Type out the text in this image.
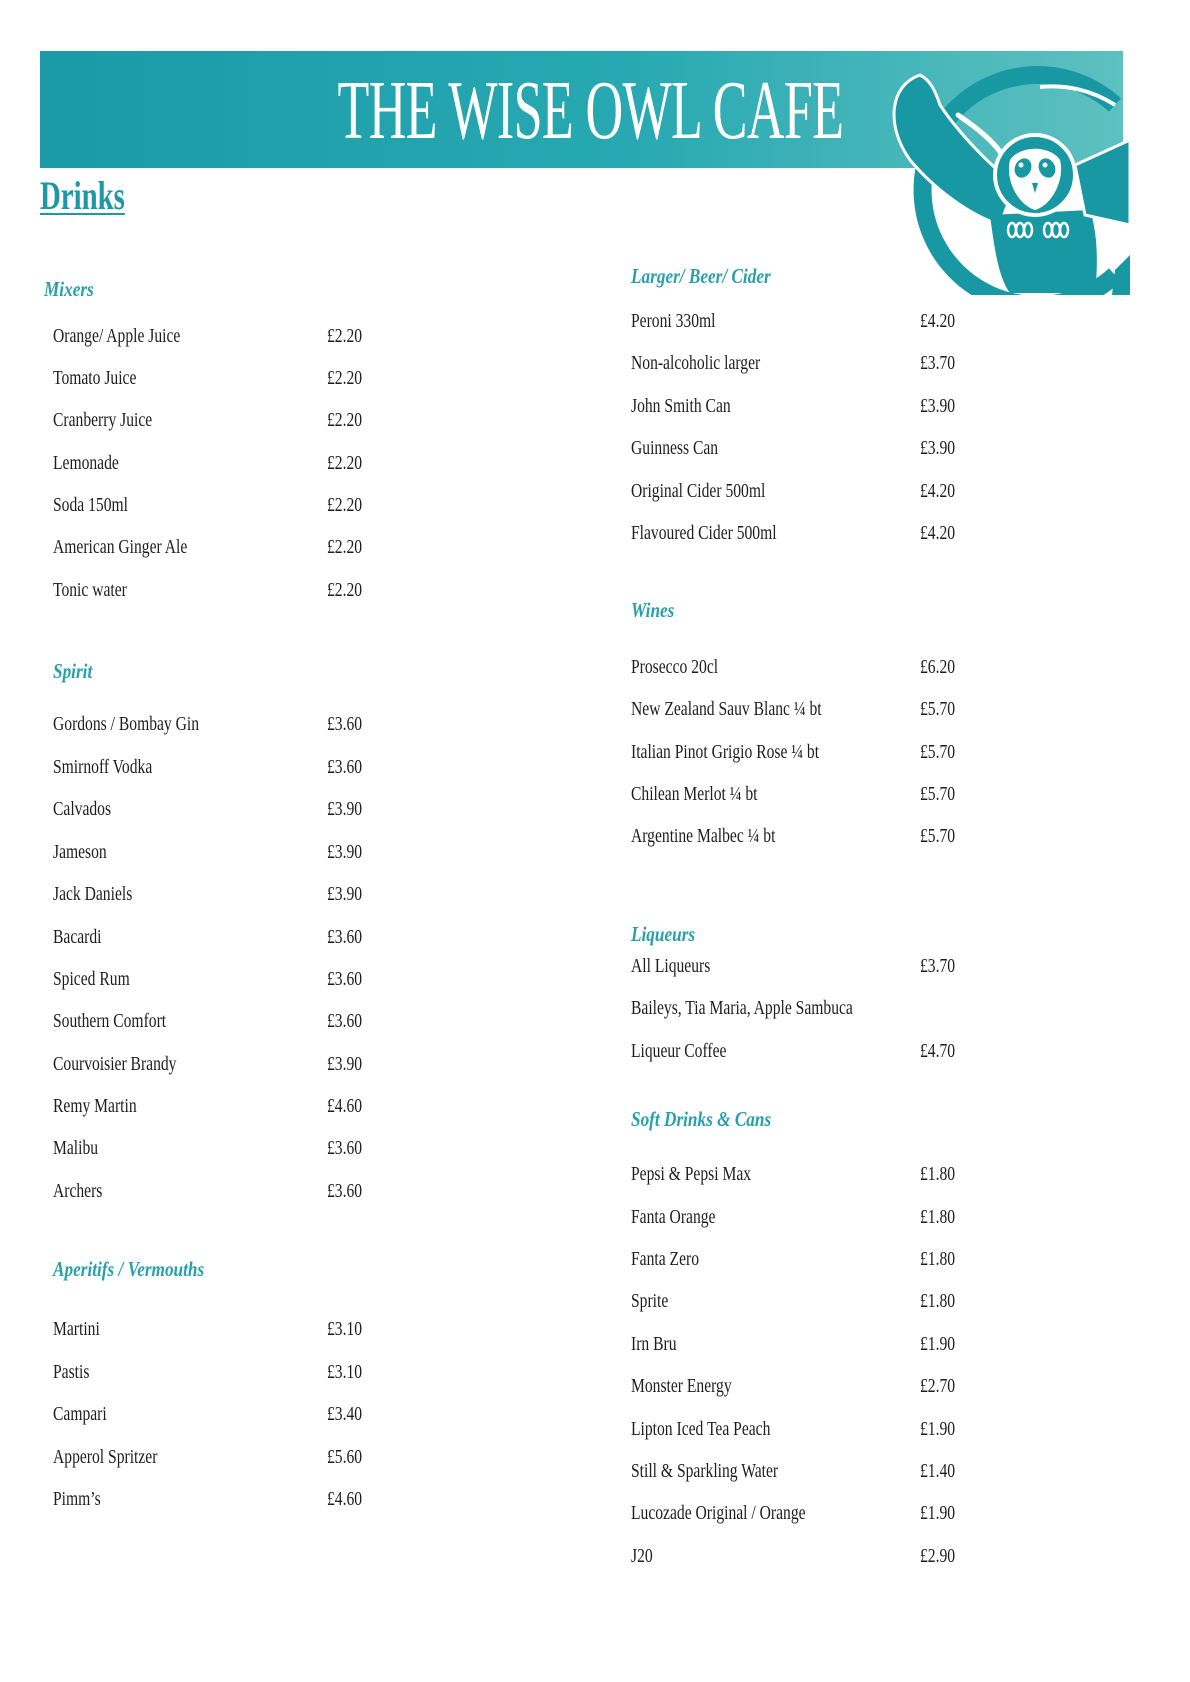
THE WISE OWL CAFE
Drinks
Mixers
Orange/ Apple Juice	£2.20
Tomato Juice	£2.20
Cranberry Juice	£2.20
Lemonade	£2.20
Soda 150ml	£2.20
American Ginger Ale	£2.20
Tonic water	£2.20
Spirit
Gordons / Bombay Gin	£3.60
Smirnoff Vodka	£3.60
Calvados	£3.90
Jameson	£3.90
Jack Daniels	£3.90
Bacardi	£3.60
Spiced Rum	£3.60
Southern Comfort	£3.60
Courvoisier Brandy	£3.90
Remy Martin	£4.60
Malibu	£3.60
Archers	£3.60
Aperitifs / Vermouths
Martini	£3.10
Pastis	£3.10
Campari	£3.40
Apperol Spritzer	£5.60
Pimm’s	£4.60
Larger/ Beer/ Cider
Peroni 330ml	£4.20
Non-alcoholic larger	£3.70
John Smith Can	£3.90
Guinness Can	£3.90
Original Cider 500ml	£4.20
Flavoured Cider 500ml	£4.20
Wines
Prosecco 20cl	£6.20
New Zealand Sauv Blanc ¼ bt	£5.70
Italian Pinot Grigio Rose ¼ bt	£5.70
Chilean Merlot ¼ bt	£5.70
Argentine Malbec ¼ bt	£5.70
Liqueurs
All Liqueurs	£3.70
Baileys, Tia Maria, Apple Sambuca
Liqueur Coffee	£4.70
Soft Drinks & Cans
Pepsi & Pepsi Max	£1.80
Fanta Orange	£1.80
Fanta Zero	£1.80
Sprite	£1.80
Irn Bru	£1.90
Monster Energy	£2.70
Lipton Iced Tea Peach	£1.90
Still & Sparkling Water	£1.40
Lucozade Original / Orange	£1.90
J20	£2.90
